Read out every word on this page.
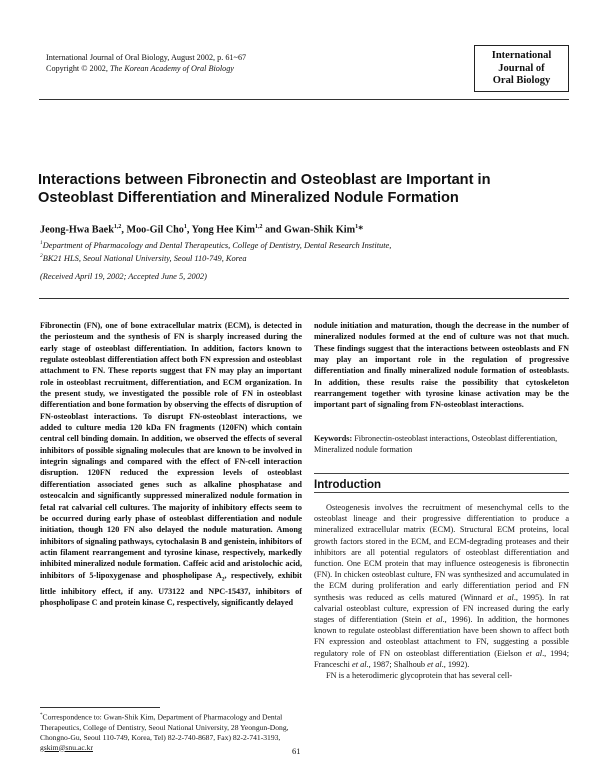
International Journal of Oral Biology, August 2002, p. 61~67
Copyright © 2002, The Korean Academy of Oral Biology
International
Journal of
Oral Biology
Interactions between Fibronectin and Osteoblast are Important in Osteoblast Differentiation and Mineralized Nodule Formation
Jeong-Hwa Baek$^{1,2}$, Moo-Gil Cho$^1$, Yong Hee Kim$^{1,2}$ and Gwan-Shik Kim$^1$*
$^1$Department of Pharmacology and Dental Therapeutics, College of Dentistry, Dental Research Institute,
$^2$BK21 HLS, Seoul National University, Seoul 110-749, Korea
(Received April 19, 2002; Accepted June 5, 2002)
Fibronectin (FN), one of bone extracellular matrix (ECM), is detected in the periosteum and the synthesis of FN is sharply increased during the early stage of osteoblast differentiation. In addition, factors known to regulate osteoblast differentiation affect both FN expression and osteoblast attachment to FN. These reports suggest that FN may play an important role in osteoblast recruitment, differentiation, and ECM organization. In the present study, we investigated the possible role of FN in osteoblast differentiation and bone formation by observing the effects of disruption of FN-osteoblast interactions. To disrupt FN-osteoblast interactions, we added to culture media 120 kDa FN fragments (120FN) which contain central cell binding domain. In addition, we observed the effects of several inhibitors of possible signaling molecules that are known to be involved in integrin signalings and compared with the effect of FN-cell interaction disruption. 120FN reduced the expression levels of osteoblast differentiation associated genes such as alkaline phosphatase and osteocalcin and significantly suppressed mineralized nodule formation in fetal rat calvarial cell cultures. The majority of inhibitory effects seem to be occurred during early phase of osteoblast differentiation and nodule initiation, though 120 FN also delayed the nodule maturation. Among inhibitors of signaling pathways, cytochalasin B and genistein, inhibitors of actin filament rearrangement and tyrosine kinase, respectively, markedly inhibited mineralized nodule formation. Caffeic acid and aristolochic acid, inhibitors of 5-lipoxygenase and phospholipase $A_2$, respectively, exhibit little inhibitory effect, if any. U73122 and NPC-15437, inhibitors of phospholipase C and protein kinase C, respectively, significantly delayed
nodule initiation and maturation, though the decrease in the number of mineralized nodules formed at the end of culture was not that much. These findings suggest that the interactions between osteoblasts and FN may play an important role in the regulation of progressive differentiation and finally mineralized nodule formation of osteoblasts. In addition, these results raise the possibility that cytoskeleton rearrangement together with tyrosine kinase activation may be the important part of signaling from FN-osteoblast interactions.
Keywords: Fibronectin-osteoblast interactions, Osteoblast differentiation, Mineralized nodule formation
Introduction

Osteogenesis involves the recruitment of mesenchymal cells to the osteoblast lineage and their progressive differentiation to produce a mineralized extracellular matrix (ECM). Structural ECM proteins, local growth factors stored in the ECM, and ECM-degrading proteases and their inhibitors are all potential regulators of osteoblast differentiation and function. One ECM protein that may influence osteogenesis is fibronectin (FN). In chicken osteoblast culture, FN was synthesized and accumulated in the ECM during proliferation and early differentiation period and FN synthesis was reduced as cells matured (Winnard et al., 1995). In rat calvarial osteoblast culture, expression of FN increased during the early stages of differentiation (Stein et al., 1996). In addition, the hormones known to regulate osteoblast differentiation have been shown to affect both FN expression and osteoblast attachment to FN, suggesting a possible regulatory role of FN on osteoblast differentiation (Eielson et al., 1994; Franceschi et al., 1987; Shalhoub et al., 1992).

FN is a heterodimeric glycoprotein that has several cell-

*Correspondence to: Gwan-Shik Kim, Department of Pharmacology and Dental Therapeutics, College of Dentistry, Seoul National University, 28 Yeongun-Dong, Chongno-Gu, Seoul 110-749, Korea, Tel) 82-2-740-8687, Fax) 82-2-741-3193, gskim@snu.ac.kr	61
